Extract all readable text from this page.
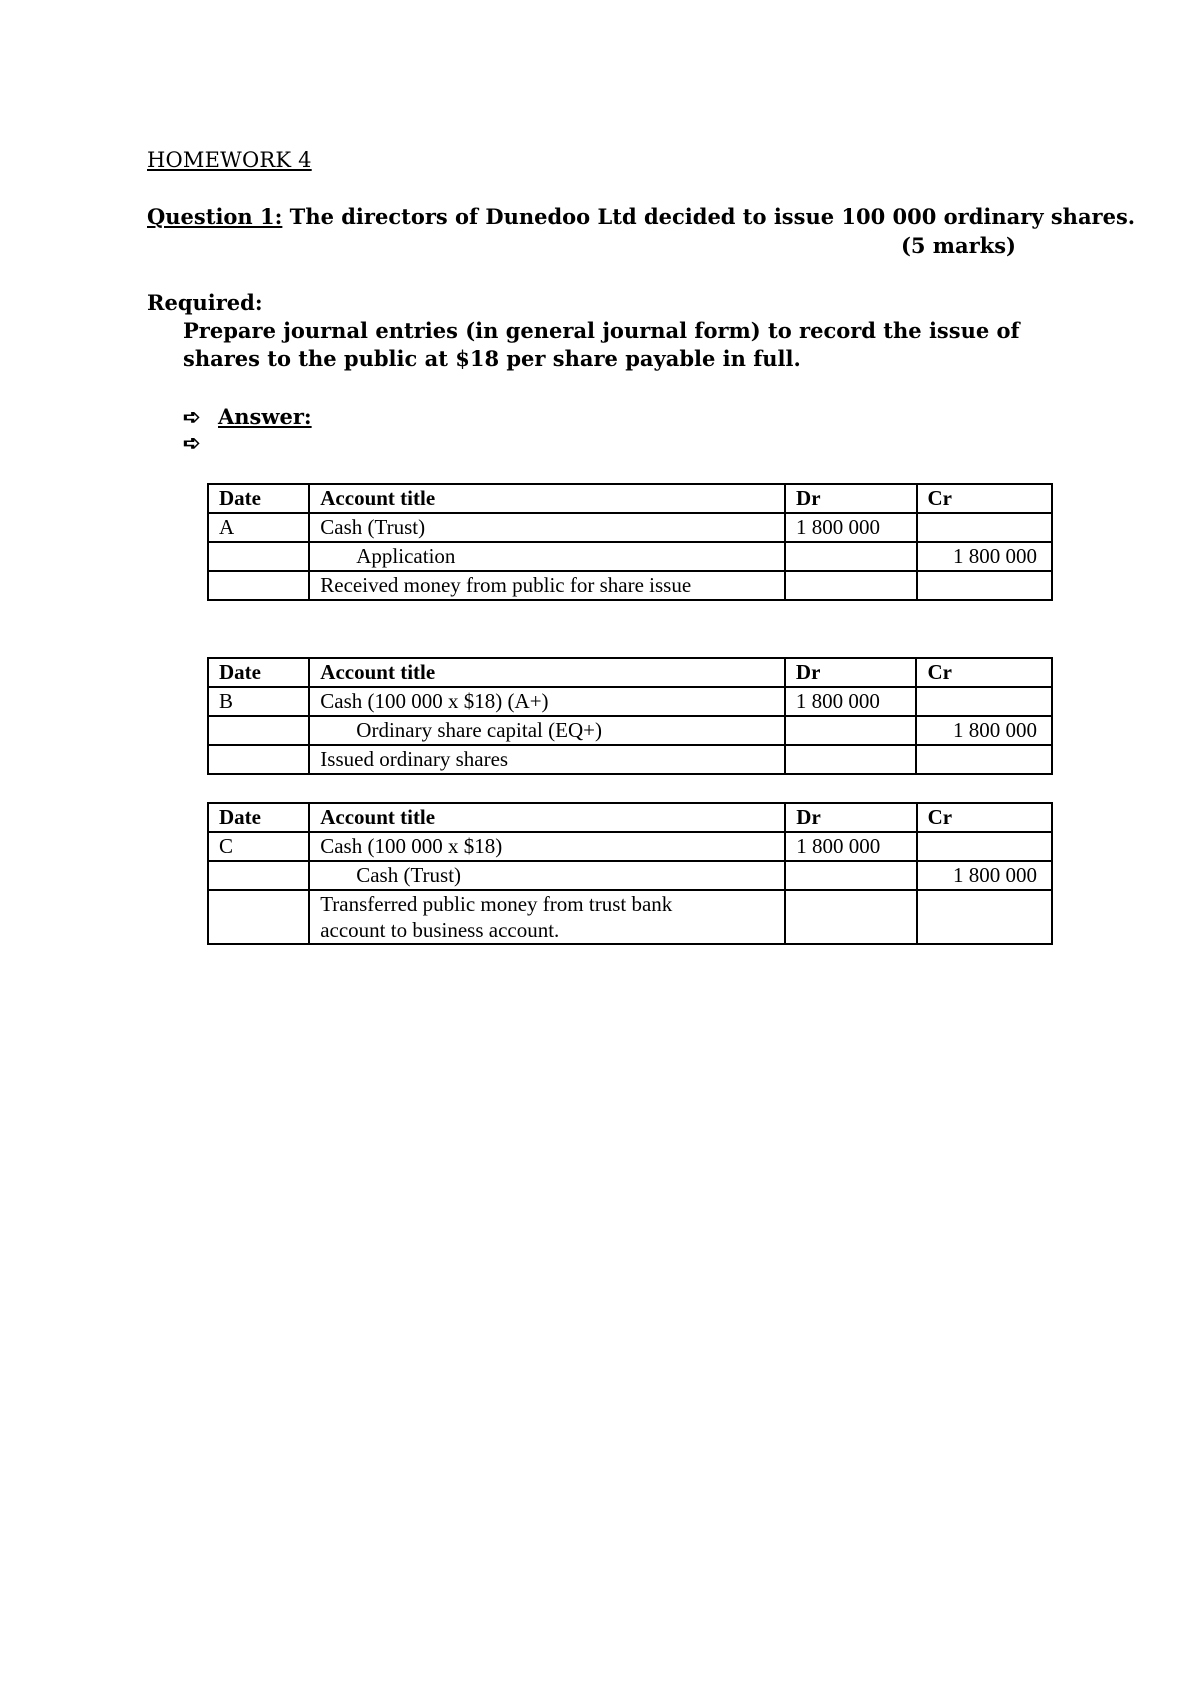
HOMEWORK 4
Question 1: The directors of Dunedoo Ltd decided to issue 100 000 ordinary shares.
(5 marks)
Required:
Prepare journal entries (in general journal form) to record the issue of shares to the public at $18 per share payable in full.
➪ Answer:
➪
Date	Account title	Dr	Cr
A	Cash (Trust)	1 800 000	
	Application		1 800 000
	Received money from public for share issue		
Date	Account title	Dr	Cr
B	Cash (100 000 x $18) (A+)	1 800 000	
	Ordinary share capital (EQ+)		1 800 000
	Issued ordinary shares		
Date	Account title	Dr	Cr
C	Cash (100 000 x $18)	1 800 000	
	Cash (Trust)		1 800 000
	Transferred public money from trust bank account to business account.		
